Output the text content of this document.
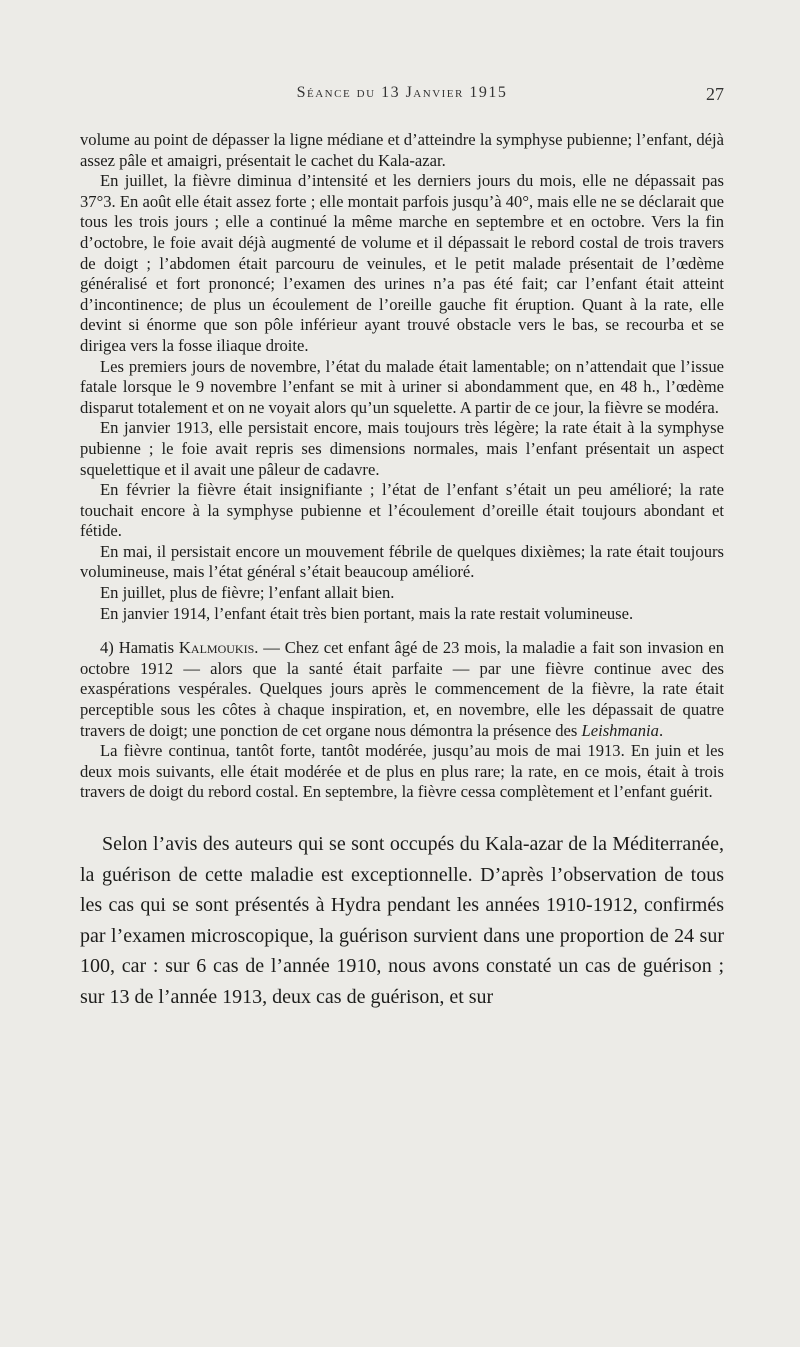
Séance du 13 Janvier 1915	27

volume au point de dépasser la ligne médiane et d’atteindre la symphyse pubienne; l’enfant, déjà assez pâle et amaigri, présentait le cachet du Kala-azar.

En juillet, la fièvre diminua d’intensité et les derniers jours du mois, elle ne dépassait pas 37°3. En août elle était assez forte ; elle montait parfois jusqu’à 40°, mais elle ne se déclarait que tous les trois jours ; elle a continué la même marche en septembre et en octobre. Vers la fin d’octobre, le foie avait déjà augmenté de volume et il dépassait le rebord costal de trois travers de doigt ; l’abdomen était parcouru de veinules, et le petit malade présentait de l’œdème généralisé et fort prononcé; l’examen des urines n’a pas été fait; car l’enfant était atteint d’incontinence; de plus un écoulement de l’oreille gauche fit éruption. Quant à la rate, elle devint si énorme que son pôle inférieur ayant trouvé obstacle vers le bas, se recourba et se dirigea vers la fosse iliaque droite.

Les premiers jours de novembre, l’état du malade était lamentable; on n’attendait que l’issue fatale lorsque le 9 novembre l’enfant se mit à uriner si abondamment que, en 48 h., l’œdème disparut totalement et on ne voyait alors qu’un squelette. A partir de ce jour, la fièvre se modéra.

En janvier 1913, elle persistait encore, mais toujours très légère; la rate était à la symphyse pubienne ; le foie avait repris ses dimensions normales, mais l’enfant présentait un aspect squelettique et il avait une pâleur de cadavre.

En février la fièvre était insignifiante ; l’état de l’enfant s’était un peu amélioré; la rate touchait encore à la symphyse pubienne et l’écoulement d’oreille était toujours abondant et fétide.

En mai, il persistait encore un mouvement fébrile de quelques dixièmes; la rate était toujours volumineuse, mais l’état général s’était beaucoup amélioré.

En juillet, plus de fièvre; l’enfant allait bien.

En janvier 1914, l’enfant était très bien portant, mais la rate restait volumineuse.

4) Hamatis Kalmoukis. — Chez cet enfant âgé de 23 mois, la maladie a fait son invasion en octobre 1912 — alors que la santé était parfaite — par une fièvre continue avec des exaspérations vespérales. Quelques jours après le commencement de la fièvre, la rate était perceptible sous les côtes à chaque inspiration, et, en novembre, elle les dépassait de quatre travers de doigt; une ponction de cet organe nous démontra la présence des Leishmania.

La fièvre continua, tantôt forte, tantôt modérée, jusqu’au mois de mai 1913. En juin et les deux mois suivants, elle était modérée et de plus en plus rare; la rate, en ce mois, était à trois travers de doigt du rebord costal. En septembre, la fièvre cessa complètement et l’enfant guérit.

Selon l’avis des auteurs qui se sont occupés du Kala-azar de la Méditerranée, la guérison de cette maladie est exceptionnelle. D’après l’observation de tous les cas qui se sont présentés à Hydra pendant les années 1910-1912, confirmés par l’examen microscopique, la guérison survient dans une proportion de 24 sur 100, car : sur 6 cas de l’année 1910, nous avons constaté un cas de guérison ; sur 13 de l’année 1913, deux cas de guérison, et sur
